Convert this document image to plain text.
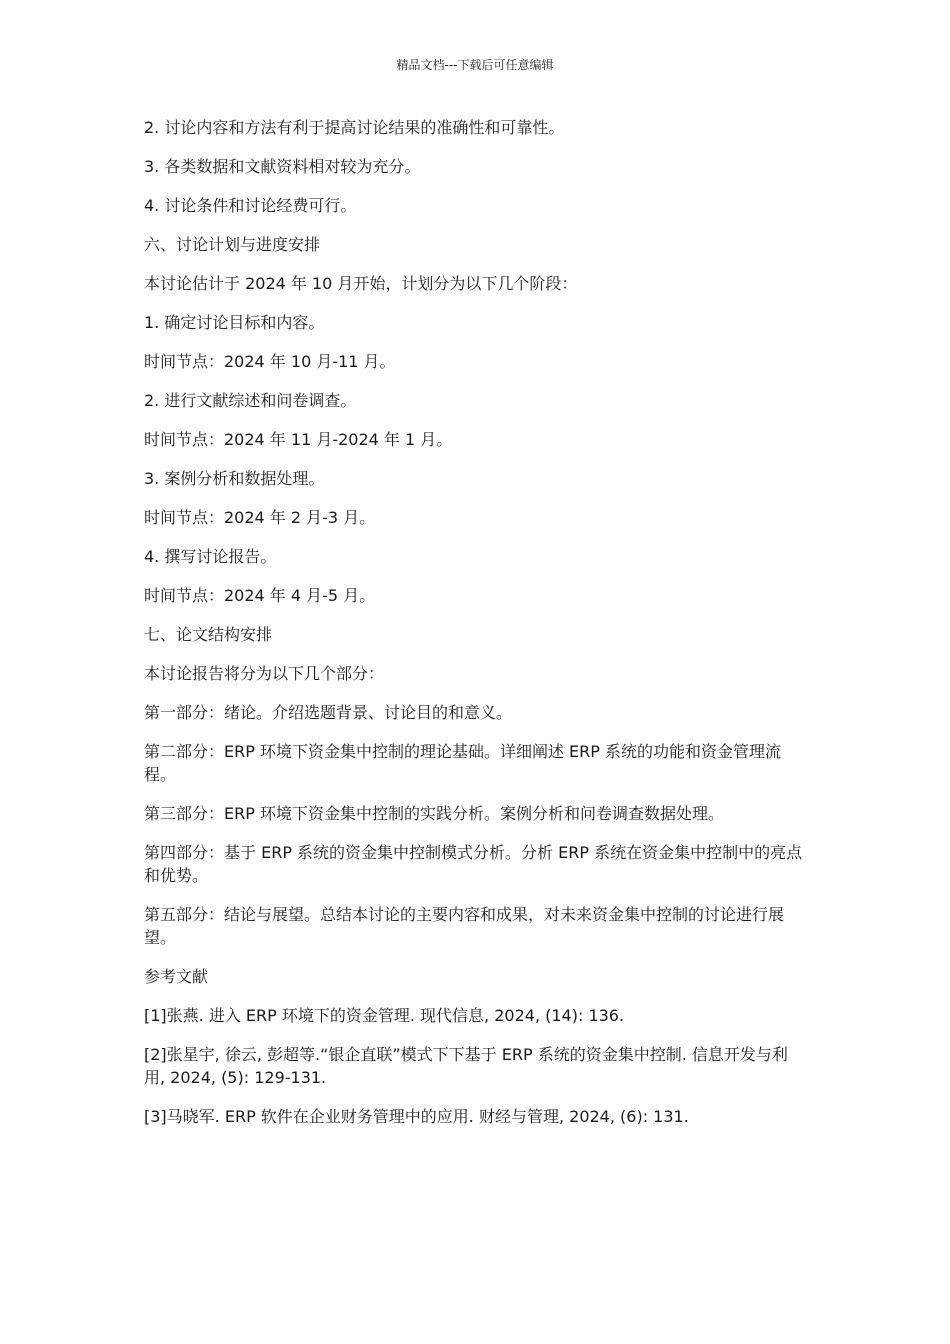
精品文档---下载后可任意编辑

2. 讨论内容和方法有利于提高讨论结果的准确性和可靠性。

3. 各类数据和文献资料相对较为充分。

4. 讨论条件和讨论经费可行。

六、讨论计划与进度安排

本讨论估计于 2024 年 10 月开始，计划分为以下几个阶段：

1. 确定讨论目标和内容。

时间节点：2024 年 10 月-11 月。

2. 进行文献综述和问卷调查。

时间节点：2024 年 11 月-2024 年 1 月。

3. 案例分析和数据处理。

时间节点：2024 年 2 月-3 月。

4. 撰写讨论报告。

时间节点：2024 年 4 月-5 月。

七、论文结构安排

本讨论报告将分为以下几个部分：

第一部分：绪论。介绍选题背景、讨论目的和意义。

第二部分：ERP 环境下资金集中控制的理论基础。详细阐述 ERP 系统的功能和资金管理流程。

第三部分：ERP 环境下资金集中控制的实践分析。案例分析和问卷调查数据处理。

第四部分：基于 ERP 系统的资金集中控制模式分析。分析 ERP 系统在资金集中控制中的亮点和优势。

第五部分：结论与展望。总结本讨论的主要内容和成果，对未来资金集中控制的讨论进行展望。

参考文献

[1]张燕. 进入 ERP 环境下的资金管理. 现代信息, 2024, (14): 136.

[2]张星宇, 徐云, 彭超等.“银企直联”模式下下基于 ERP 系统的资金集中控制. 信息开发与利用, 2024, (5): 129-131.

[3]马晓军. ERP 软件在企业财务管理中的应用. 财经与管理, 2024, (6): 131.
